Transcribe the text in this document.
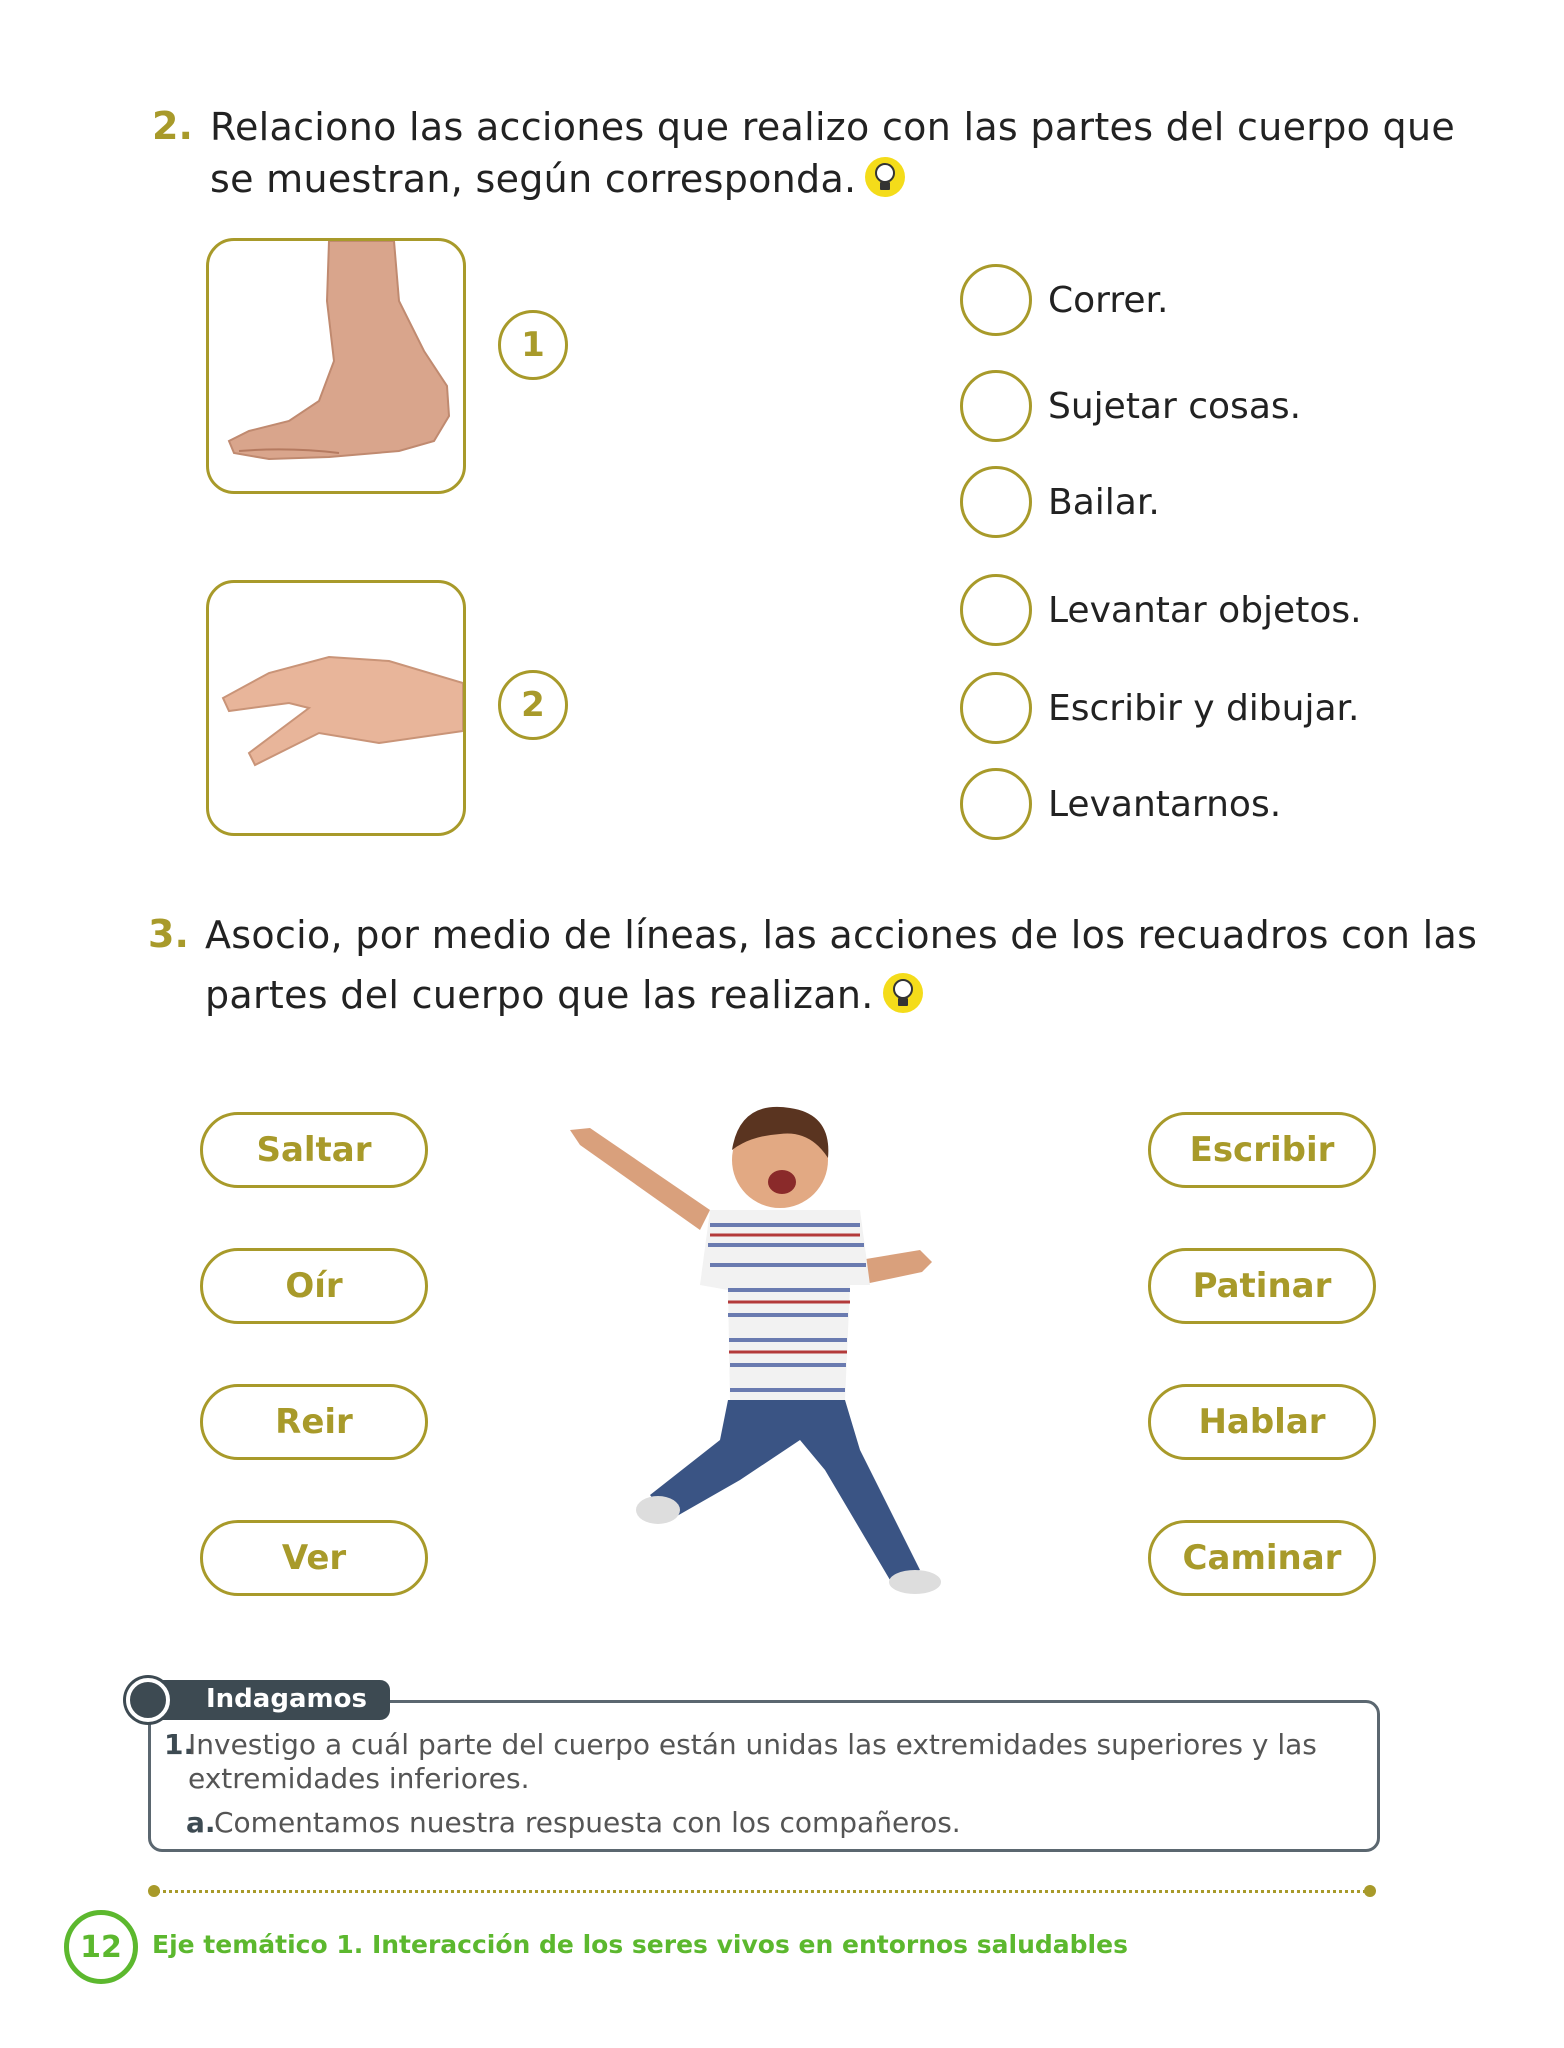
2. Relaciono las acciones que realizo con las partes del cuerpo que
se muestran, según corresponda.
1
2
Correr.
Sujetar cosas.
Bailar.
Levantar objetos.
Escribir y dibujar.
Levantarnos.
3. Asocio, por medio de líneas, las acciones de los recuadros con las
partes del cuerpo que las realizan.
Saltar
Oír
Reir
Ver
Escribir
Patinar
Hablar
Caminar
Indagamos
1.
Investigo a cuál parte del cuerpo están unidas las extremidades superiores y las
extremidades inferiores.
a.
Comentamos nuestra respuesta con los compañeros.
12	Eje temático 1. Interacción de los seres vivos en entornos saludables
